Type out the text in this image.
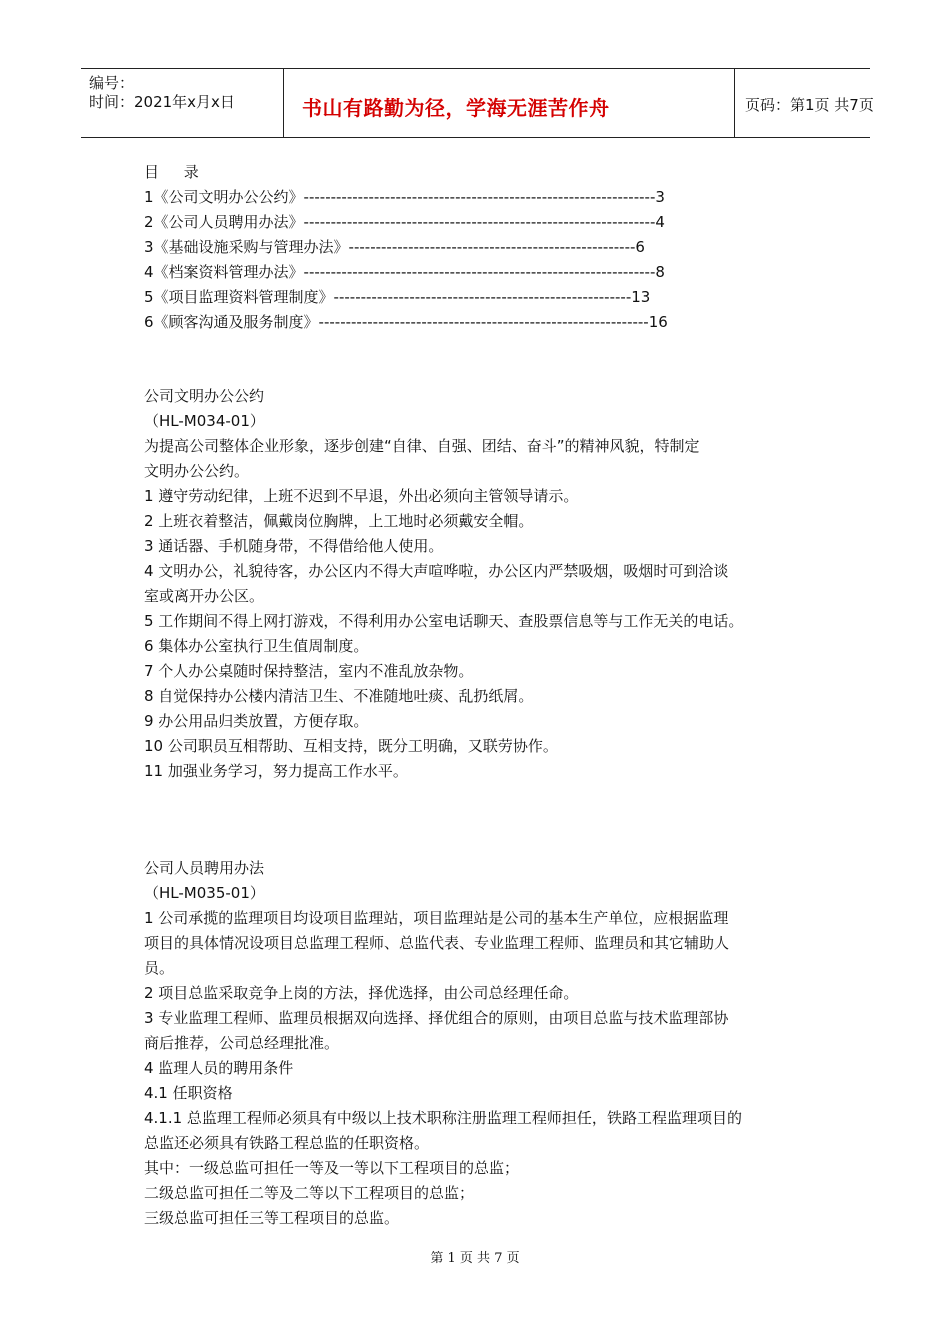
编号：
时间：2021年x月x日	书山有路勤为径，学海无涯苦作舟	页码：第1页 共7页
目 录
1《公司文明办公公约》-----------------------------------------------------------------3
2《公司人员聘用办法》-----------------------------------------------------------------4
3《基础设施采购与管理办法》-----------------------------------------------------6
4《档案资料管理办法》-----------------------------------------------------------------8
5《项目监理资料管理制度》-------------------------------------------------------13
6《顾客沟通及服务制度》-------------------------------------------------------------16
公司文明办公公约
（HL-M034-01）
为提高公司整体企业形象，逐步创建“自律、自强、团结、奋斗”的精神风貌，特制定
文明办公公约。
1 遵守劳动纪律，上班不迟到不早退，外出必须向主管领导请示。
2 上班衣着整洁，佩戴岗位胸牌，上工地时必须戴安全帽。
3 通话器、手机随身带，不得借给他人使用。
4 文明办公，礼貌待客，办公区内不得大声喧哗啦，办公区内严禁吸烟，吸烟时可到洽谈
室或离开办公区。
5 工作期间不得上网打游戏，不得利用办公室电话聊天、查股票信息等与工作无关的电话。
6 集体办公室执行卫生值周制度。
7 个人办公桌随时保持整洁，室内不准乱放杂物。
8 自觉保持办公楼内清洁卫生、不准随地吐痰、乱扔纸屑。
9 办公用品归类放置，方便存取。
10 公司职员互相帮助、互相支持，既分工明确，又联劳协作。
11 加强业务学习，努力提高工作水平。
公司人员聘用办法
（HL-M035-01）
1 公司承揽的监理项目均设项目监理站，项目监理站是公司的基本生产单位，应根据监理
项目的具体情况设项目总监理工程师、总监代表、专业监理工程师、监理员和其它辅助人
员。
2 项目总监采取竞争上岗的方法，择优选择，由公司总经理任命。
3 专业监理工程师、监理员根据双向选择、择优组合的原则，由项目总监与技术监理部协
商后推荐，公司总经理批准。
4 监理人员的聘用条件
4.1 任职资格
4.1.1 总监理工程师必须具有中级以上技术职称注册监理工程师担任，铁路工程监理项目的
总监还必须具有铁路工程总监的任职资格。
其中：一级总监可担任一等及一等以下工程项目的总监；
二级总监可担任二等及二等以下工程项目的总监；
三级总监可担任三等工程项目的总监。
第 1 页 共 7 页
